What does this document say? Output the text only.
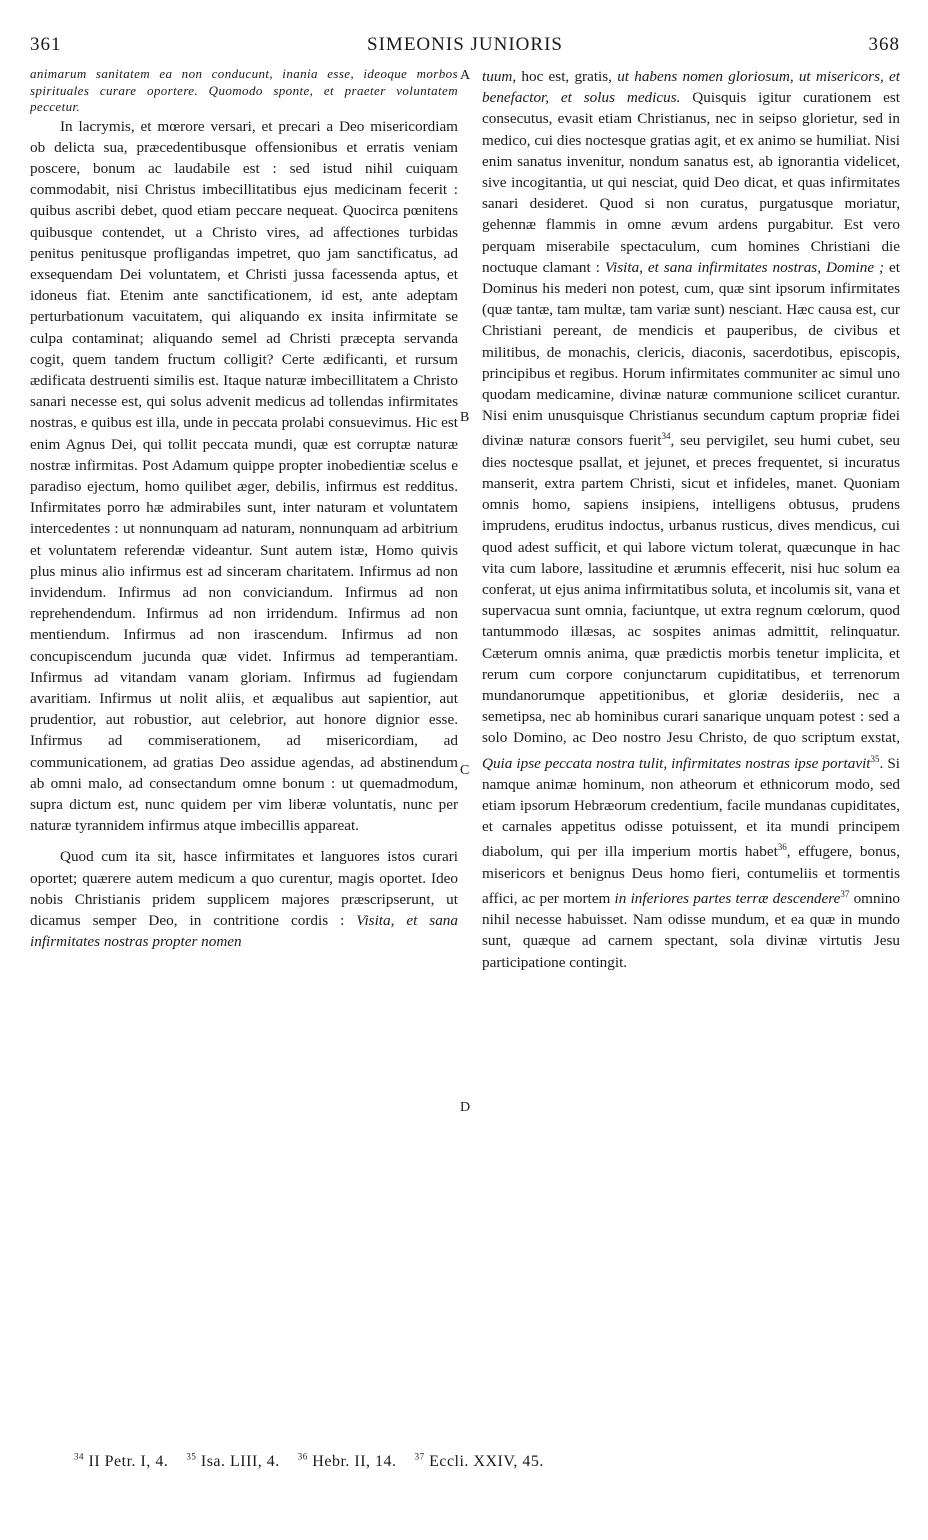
361	SIMEONIS JUNIORIS	368
A
B
C
D

animarum sanitatem ea non conducunt, inania esse, ideoque morbos spirituales curare oportere. Quomodo sponte, et praeter voluntatem peccetur.

In lacrymis, et mœrore versari, et precari a Deo misericordiam ob delicta sua, præcedentibusque offensionibus et erratis veniam poscere, bonum ac laudabile est : sed istud nihil cuiquam commodabit, nisi Christus imbecillitatibus ejus medicinam fecerit : quibus ascribi debet, quod etiam peccare nequeat. Quocirca pœnitens quibusque contendet, ut a Christo vires, ad affectiones turbidas penitus penitusque profligandas impetret, quo jam sanctificatus, ad exsequendam Dei voluntatem, et Christi jussa facessenda aptus, et idoneus fiat. Etenim ante sanctificationem, id est, ante adeptam perturbationum vacuitatem, qui aliquando ex insita infirmitate se culpa contaminat; aliquando semel ad Christi præcepta servanda cogit, quem tandem fructum colligit? Certe ædificanti, et rursum ædificata destruenti similis est. Itaque naturæ imbecillitatem a Christo sanari necesse est, qui solus advenit medicus ad tollendas infirmitates nostras, e quibus est illa, unde in peccata prolabi consuevimus. Hic est enim Agnus Dei, qui tollit peccata mundi, quæ est corruptæ naturæ nostræ infirmitas. Post Adamum quippe propter inobedientiæ scelus e paradiso ejectum, homo quilibet æger, debilis, infirmus est redditus. Infirmitates porro hæ admirabiles sunt, inter naturam et voluntatem intercedentes : ut nonnunquam ad naturam, nonnunquam ad arbitrium et voluntatem referendæ videantur. Sunt autem istæ, Homo quivis plus minus alio infirmus est ad sinceram charitatem. Infirmus ad non invidendum. Infirmus ad non conviciandum. Infirmus ad non reprehendendum. Infirmus ad non irridendum. Infirmus ad non mentiendum. Infirmus ad non irascendum. Infirmus ad non concupiscendum jucunda quæ videt. Infirmus ad temperantiam. Infirmus ad vitandam vanam gloriam. Infirmus ad fugiendam avaritiam. Infirmus ut nolit aliis, et æqualibus aut sapientior, aut prudentior, aut robustior, aut celebrior, aut honore dignior esse. Infirmus ad commiserationem, ad misericordiam, ad communicationem, ad gratias Deo assidue agendas, ad abstinendum ab omni malo, ad consectandum omne bonum : ut quemadmodum, supra dictum est, nunc quidem per vim liberæ voluntatis, nunc per naturæ tyrannidem infirmus atque imbecillis appareat.

Quod cum ita sit, hasce infirmitates et languores istos curari oportet; quærere autem medicum a quo curentur, magis oportet. Ideo nobis Christianis pridem supplicem majores præscripserunt, ut dicamus semper Deo, in contritione cordis : Visita, et sana infirmitates nostras propter nomen

tuum, hoc est, gratis, ut habens nomen gloriosum, ut misericors, et benefactor, et solus medicus. Quisquis igitur curationem est consecutus, evasit etiam Christianus, nec in seipso glorietur, sed in medico, cui dies noctesque gratias agit, et ex animo se humiliat. Nisi enim sanatus invenitur, nondum sanatus est, ab ignorantia videlicet, sive incogitantia, ut qui nesciat, quid Deo dicat, et quas infirmitates sanari desideret. Quod si non curatus, purgatusque moriatur, gehennæ flammis in omne ævum ardens purgabitur. Est vero perquam miserabile spectaculum, cum homines Christiani die noctuque clamant : Visita, et sana infirmitates nostras, Domine ; et Dominus his mederi non potest, cum, quæ sint ipsorum infirmitates (quæ tantæ, tam multæ, tam variæ sunt) nesciant. Hæc causa est, cur Christiani pereant, de mendicis et pauperibus, de civibus et militibus, de monachis, clericis, diaconis, sacerdotibus, episcopis, principibus et regibus. Horum infirmitates communiter ac simul uno quodam medicamine, divinæ naturæ communione scilicet curantur. Nisi enim unusquisque Christianus secundum captum propriæ fidei divinæ naturæ consors fuerit$^{34}$, seu pervigilet, seu humi cubet, seu dies noctesque psallat, et jejunet, et preces frequentet, si incuratus manserit, extra partem Christi, sicut et infideles, manet. Quoniam omnis homo, sapiens insipiens, intelligens obtusus, prudens imprudens, eruditus indoctus, urbanus rusticus, dives mendicus, cui quod adest sufficit, et qui labore victum tolerat, quæcunque in hac vita cum labore, lassitudine et ærumnis effecerit, nisi huc solum ea conferat, ut ejus anima infirmitatibus soluta, et incolumis sit, vana et supervacua sunt omnia, faciuntque, ut extra regnum cœlorum, quod tantummodo illæsas, ac sospites animas admittit, relinquatur. Cæterum omnis anima, quæ prædictis morbis tenetur implicita, et rerum cum corpore conjunctarum cupiditatibus, et terrenorum mundanorumque appetitionibus, et gloriæ desideriis, nec a semetipsa, nec ab hominibus curari sanarique unquam potest : sed a solo Domino, ac Deo nostro Jesu Christo, de quo scriptum exstat, Quia ipse peccata nostra tulit, infirmitates nostras ipse portavit$^{35}$. Si namque animæ hominum, non atheorum et ethnicorum modo, sed etiam ipsorum Hebræorum credentium, facile mundanas cupiditates, et carnales appetitus odisse potuissent, et ita mundi principem diabolum, qui per illa imperium mortis habet$^{36}$, effugere, bonus, misericors et benignus Deus homo fieri, contumeliis et tormentis affici, ac per mortem in inferiores partes terræ descendere$^{37}$ omnino nihil necesse habuisset. Nam odisse mundum, et ea quæ in mundo sunt, quæque ad carnem spectant, sola divinæ virtutis Jesu participatione contingit.

$^{34}$ II Petr. I, 4. $^{35}$ Isa. LIII, 4. $^{36}$ Hebr. II, 14. $^{37}$ Eccli. XXIV, 45.
